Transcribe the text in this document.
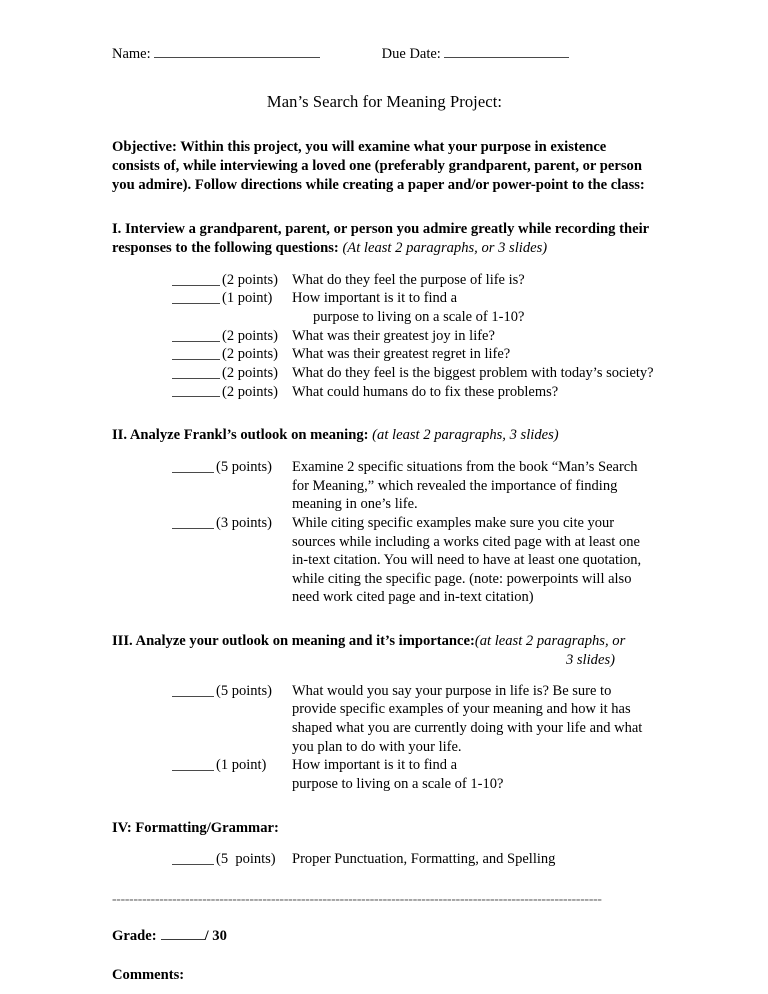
Name:	Due Date:
Man’s Search for Meaning Project:
Objective: Within this project, you will examine what your purpose in existence consists of, while interviewing a loved one (preferably grandparent, parent, or person you admire). Follow directions while creating a paper and/or power-point to the class:
I. Interview a grandparent, parent, or person you admire greatly while recording their responses to the following questions: (At least 2 paragraphs, or 3 slides)
(2 points) What do they feel the purpose of life is?
(1 point)	How important is it to find a
purpose to living on a scale of 1-10?
(2 points) What was their greatest joy in life?
(2 points) What was their greatest regret in life?
(2 points) What do they feel is the biggest problem with today’s society?
(2 points) What could humans do to fix these problems?
II. Analyze Frankl’s outlook on meaning: (at least 2 paragraphs, 3 slides)
(5 points)	Examine 2 specific situations from the book “Man’s Search for Meaning,” which revealed the importance of finding meaning in one’s life.
(3 points)	While citing specific examples make sure you cite your sources while including a works cited page with at least one in-text citation. You will need to have at least one quotation, while citing the specific page. (note: powerpoints will also need work cited page and in-text citation)
III. Analyze your outlook on meaning and it’s importance:(at least 2 paragraphs, or
3 slides)
(5 points)	What would you say your purpose in life is? Be sure to provide specific examples of your meaning and how it has shaped what you are currently doing with your life and what you plan to do with your life.
(1 point)	How important is it to find a
purpose to living on a scale of 1-10?
IV: Formatting/Grammar:
(5  points)	Proper Punctuation, Formatting, and Spelling
------------------------------------------------------------------------------------------------------------------
Grade:	/ 30
Comments:
